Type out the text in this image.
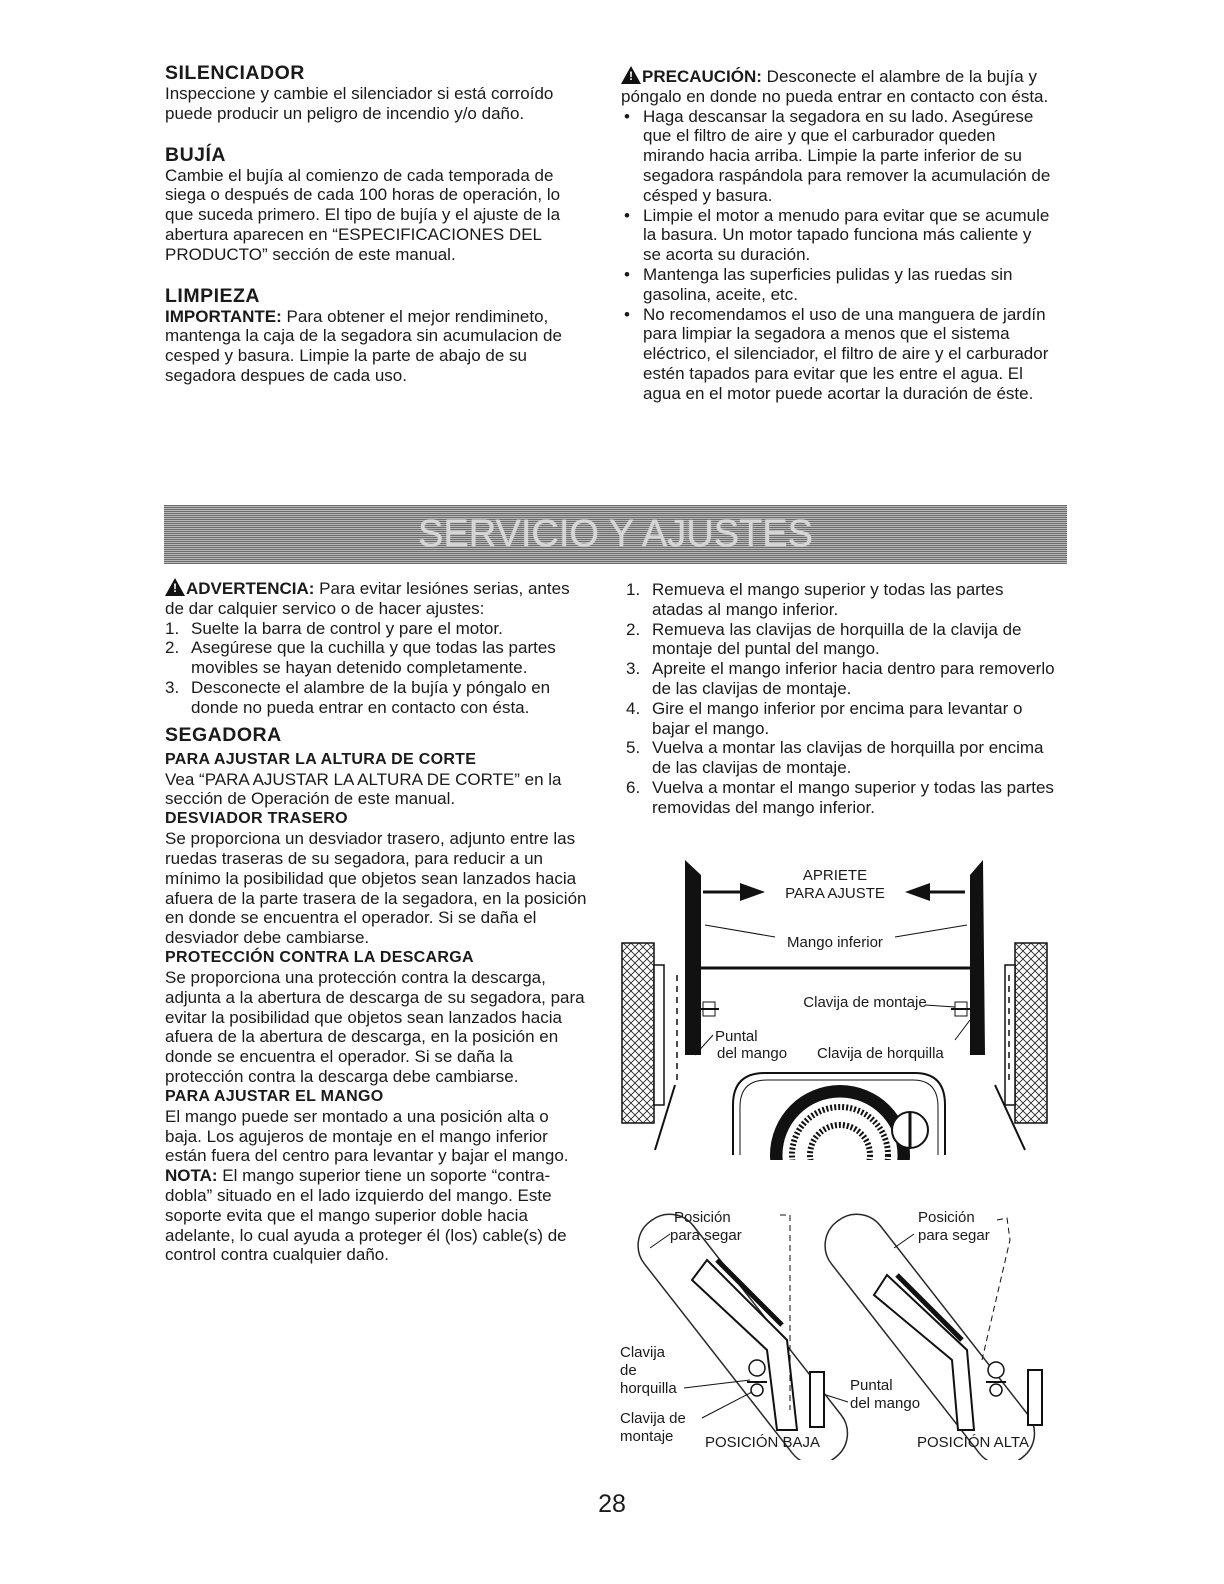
SILENCIADOR

Inspeccione y cambie el silenciador si está corroído puede producir un peligro de incendio y/o daño.

BUJÍA

Cambie el bujía al comienzo de cada temporada de siega o después de cada 100 horas de operación, lo que suceda primero. El tipo de bujía y el ajuste de la abertura aparecen en “ESPECIFICACIONES DEL PRODUCTO” sección de este manual.

LIMPIEZA

IMPORTANTE: Para obtener el mejor rendimineto, mantenga la caja de la segadora sin acumulacion de cesped y basura. Limpie la parte de abajo de su segadora despues de cada uso.

!PRECAUCIÓN: Desconecte el alambre de la bujía y póngalo en donde no pueda entrar en contacto con ésta.

• Haga descansar la segadora en su lado. Asegúrese que el filtro de aire y que el carburador queden mirando hacia arriba. Limpie la parte inferior de su segadora raspándola para remover la acumulación de césped y basura.
• Limpie el motor a menudo para evitar que se acumule la basura. Un motor tapado funciona más caliente y se acorta su duración.
• Mantenga las superficies pulidas y las ruedas sin gasolina, aceite, etc.
• No recomendamos el uso de una manguera de jardín para limpiar la segadora a menos que el sistema eléctrico, el silenciador, el filtro de aire y el carburador estén tapados para evitar que les entre el agua. El agua en el motor puede acortar la duración de éste.
SERVICIO Y AJUSTES

!ADVERTENCIA: Para evitar lesiónes serias, antes de dar calquier servico o de hacer ajustes:

1. Suelte la barra de control y pare el motor.
2. Asegúrese que la cuchilla y que todas las partes movibles se hayan detenido completamente.
3. Desconecte el alambre de la bujía y póngalo en donde no pueda entrar en contacto con ésta.

SEGADORA

PARA AJUSTAR LA ALTURA DE CORTE

Vea “PARA AJUSTAR LA ALTURA DE CORTE” en la sección de Operación de este manual.

DESVIADOR TRASERO

Se proporciona un desviador trasero, adjunto entre las ruedas traseras de su segadora, para reducir a un mínimo la posibilidad que objetos sean lanzados hacia afuera de la parte trasera de la segadora, en la posición en donde se encuentra el operador. Si se daña el desviador debe cambiarse.

PROTECCIÓN CONTRA LA DESCARGA

Se proporciona una protección contra la descarga, adjunta a la abertura de descarga de su segadora, para evitar la posibilidad que objetos sean lanzados hacia afuera de la abertura de descarga, en la posición en donde se encuentra el operador. Si se daña la protección contra la descarga debe cambiarse.

PARA AJUSTAR EL MANGO

El mango puede ser montado a una posición alta o baja. Los agujeros de montaje en el mango inferior están fuera del centro para levantar y bajar el mango.

NOTA: El mango superior tiene un soporte “contra-dobla” situado en el lado izquierdo del mango. Este soporte evita que el mango superior doble hacia adelante, lo cual ayuda a proteger él (los) cable(s) de control contra cualquier daño.

1. Remueva el mango superior y todas las partes atadas al mango inferior.
2. Remueva las clavijas de horquilla de la clavija de montaje del puntal del mango.
3. Apreite el mango inferior hacia dentro para removerlo de las clavijas de montaje.
4. Gire el mango inferior por encima para levantar o bajar el mango.
5. Vuelva a montar las clavijas de horquilla por encima de las clavijas de montaje.
6. Vuelva a montar el mango superior y todas las partes removidas del mango inferior.
APRIETE
PARA AJUSTE
Mango inferior
Clavija de montaje
Puntal
del mango Clavija de horquilla
Posición
para segar
Posición
para segar
Clavija
de
horquilla
Clavija de
montaje
Puntal
del mango
POSICIÓN BAJA	POSICIÓN ALTA
28
